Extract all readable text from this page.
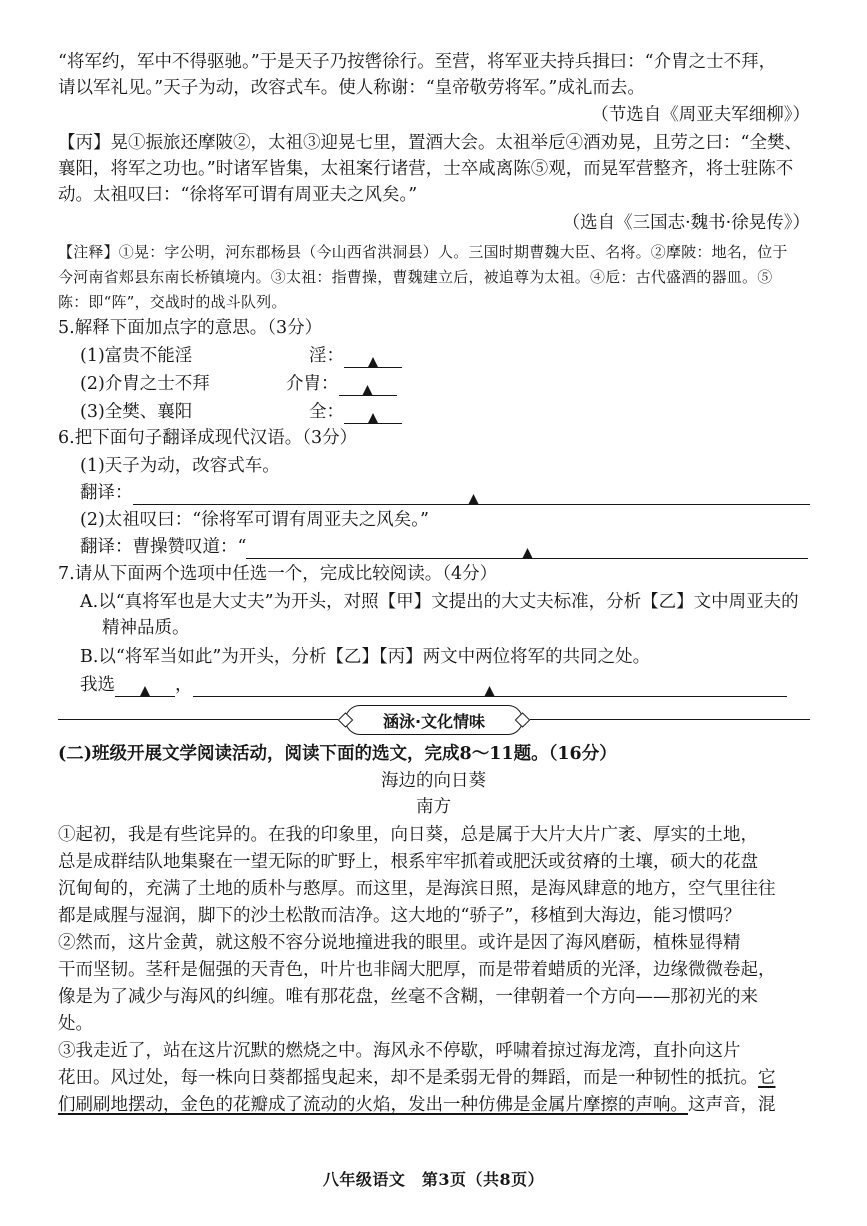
“将军约，军中不得驱驰。”于是天子乃按辔徐行。至营，将军亚夫持兵揖曰：“介胄之士不拜，
请以军礼见。”天子为动，改容式车。使人称谢：“皇帝敬劳将军。”成礼而去。
（节选自《周亚夫军细柳》）
【丙】晃①振旅还摩陂②，太祖③迎晃七里，置酒大会。太祖举卮④酒劝晃，且劳之曰：“全樊、
襄阳，将军之功也。”时诸军皆集，太祖案行诸营，士卒咸离陈⑤观，而晃军营整齐，将士驻陈不
动。太祖叹曰：“徐将军可谓有周亚夫之风矣。”
（选自《三国志·魏书·徐晃传》）
【注释】①晃：字公明，河东郡杨县（今山西省洪洞县）人。三国时期曹魏大臣、名将。②摩陂：地名，位于
今河南省郏县东南长桥镇境内。③太祖：指曹操，曹魏建立后，被追尊为太祖。④卮：古代盛酒的器皿。⑤
陈：即“阵”，交战时的战斗队列。
5.解释下面加点字的意思。（3分）
(1)富贵不能淫	淫： ▲
(2)介胄之士不拜	介胄： ▲
(3)全樊、襄阳	全： ▲
6.把下面句子翻译成现代汉语。（3分）
(1)天子为动，改容式车。
翻译：	▲
(2)太祖叹曰：“徐将军可谓有周亚夫之风矣。”
翻译：曹操赞叹道：“	▲
7.请从下面两个选项中任选一个，完成比较阅读。（4分）
A.以“真将军也是大丈夫”为开头，对照【甲】文提出的大丈夫标准，分析【乙】文中周亚夫的
精神品质。
B.以“将军当如此”为开头，分析【乙】【丙】两文中两位将军的共同之处。
我选 ▲ ，	▲
涵泳·文化情味
(二)班级开展文学阅读活动，阅读下面的选文，完成8～11题。（16分）
海边的向日葵
南方
①起初，我是有些诧异的。在我的印象里，向日葵，总是属于大片大片广袤、厚实的土地，
总是成群结队地集聚在一望无际的旷野上，根系牢牢抓着或肥沃或贫瘠的土壤，硕大的花盘
沉甸甸的，充满了土地的质朴与憨厚。而这里，是海滨日照，是海风肆意的地方，空气里往往
都是咸腥与湿润，脚下的沙土松散而洁净。这大地的“骄子”，移植到大海边，能习惯吗？
②然而，这片金黄，就这般不容分说地撞进我的眼里。或许是因了海风磨砺，植株显得精
干而坚韧。茎秆是倔强的天青色，叶片也非阔大肥厚，而是带着蜡质的光泽，边缘微微卷起，
像是为了减少与海风的纠缠。唯有那花盘，丝毫不含糊，一律朝着一个方向——那初光的来
处。
③我走近了，站在这片沉默的燃烧之中。海风永不停歇，呼啸着掠过海龙湾，直扑向这片
花田。风过处，每一株向日葵都摇曳起来，却不是柔弱无骨的舞蹈，而是一种韧性的抵抗。它
们刷刷地摆动，金色的花瓣成了流动的火焰，发出一种仿佛是金属片摩擦的声响。这声音，混
八年级语文　第3页（共8页）
